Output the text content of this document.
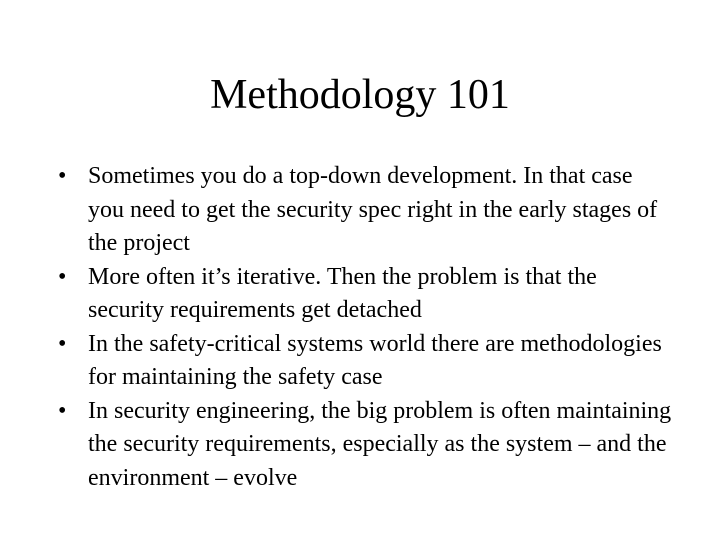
Methodology 101
• Sometimes you do a top-down development. In that case you need to get the security spec right in the early stages of the project
• More often it’s iterative. Then the problem is that the security requirements get detached
• In the safety-critical systems world there are methodologies for maintaining the safety case
• In security engineering, the big problem is often maintaining the security requirements, especially as the system – and the environment – evolve
